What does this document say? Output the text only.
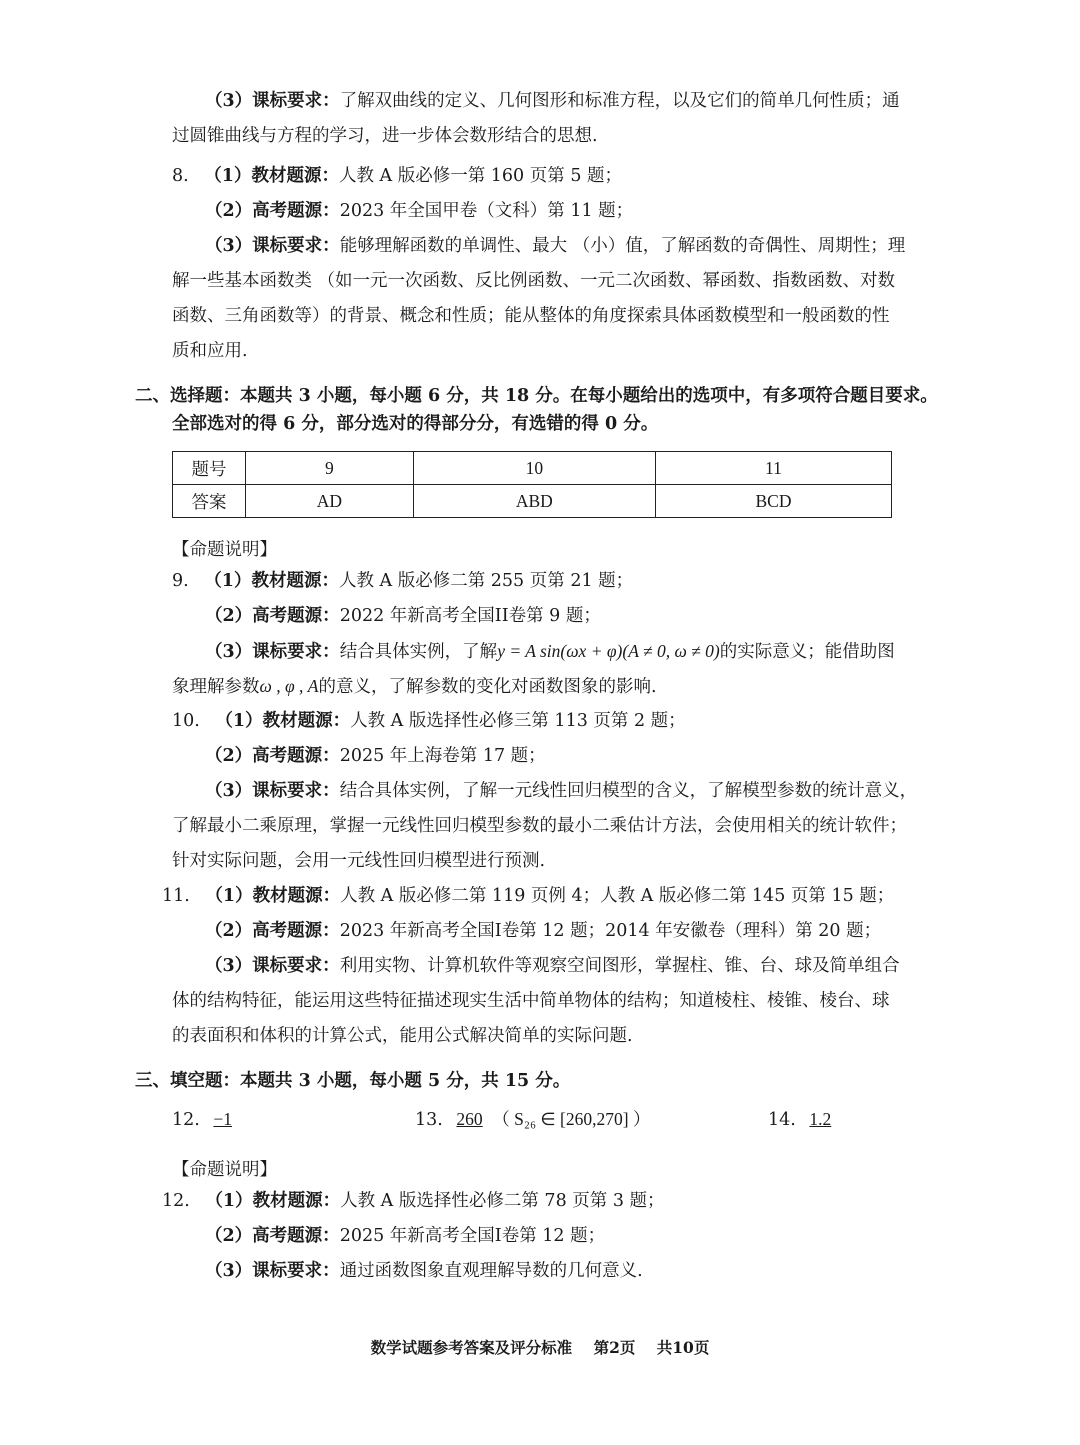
（3）课标要求：了解双曲线的定义、几何图形和标准方程，以及它们的简单几何性质；通
过圆锥曲线与方程的学习，进一步体会数形结合的思想.
8. （1）教材题源：人教 A 版必修一第 160 页第 5 题；
（2）高考题源：2023 年全国甲卷（文科）第 11 题；
（3）课标要求：能够理解函数的单调性、最大 （小）值，了解函数的奇偶性、周期性；理
解一些基本函数类 （如一元一次函数、反比例函数、一元二次函数、幂函数、指数函数、对数
函数、三角函数等）的背景、概念和性质；能从整体的角度探索具体函数模型和一般函数的性
质和应用.
二、选择题：本题共 3 小题，每小题 6 分，共 18 分。在每小题给出的选项中，有多项符合题目要求。
全部选对的得 6 分，部分选对的得部分分，有选错的得 0 分。
题号	9	10	11
答案	AD	ABD	BCD
【命题说明】
9. （1）教材题源：人教 A 版必修二第 255 页第 21 题；
（2）高考题源：2022 年新高考全国II卷第 9 题；
（3）课标要求：结合具体实例，了解y = A sin(ωx + φ)(A ≠ 0, ω ≠ 0)的实际意义；能借助图
象理解参数ω , φ , A的意义，了解参数的变化对函数图象的影响.
10. （1）教材题源：人教 A 版选择性必修三第 113 页第 2 题；
（2）高考题源：2025 年上海卷第 17 题；
（3）课标要求：结合具体实例，了解一元线性回归模型的含义，了解模型参数的统计意义，
了解最小二乘原理，掌握一元线性回归模型参数的最小二乘估计方法，会使用相关的统计软件；
针对实际问题，会用一元线性回归模型进行预测.
11. （1）教材题源：人教 A 版必修二第 119 页例 4；人教 A 版必修二第 145 页第 15 题；
（2）高考题源：2023 年新高考全国I卷第 12 题；2014 年安徽卷（理科）第 20 题；
（3）课标要求：利用实物、计算机软件等观察空间图形，掌握柱、锥、台、球及简单组合
体的结构特征，能运用这些特征描述现实生活中简单物体的结构；知道棱柱、棱锥、棱台、球
的表面积和体积的计算公式，能用公式解决简单的实际问题.
三、填空题：本题共 3 小题，每小题 5 分，共 15 分。
12. −1	13. 260 （ S₂₆ ∈ [260,270] ）	14. 1.2
【命题说明】
12. （1）教材题源：人教 A 版选择性必修二第 78 页第 3 题；
（2）高考题源：2025 年新高考全国I卷第 12 题；
（3）课标要求：通过函数图象直观理解导数的几何意义.
数学试题参考答案及评分标准 第2页 共10页
